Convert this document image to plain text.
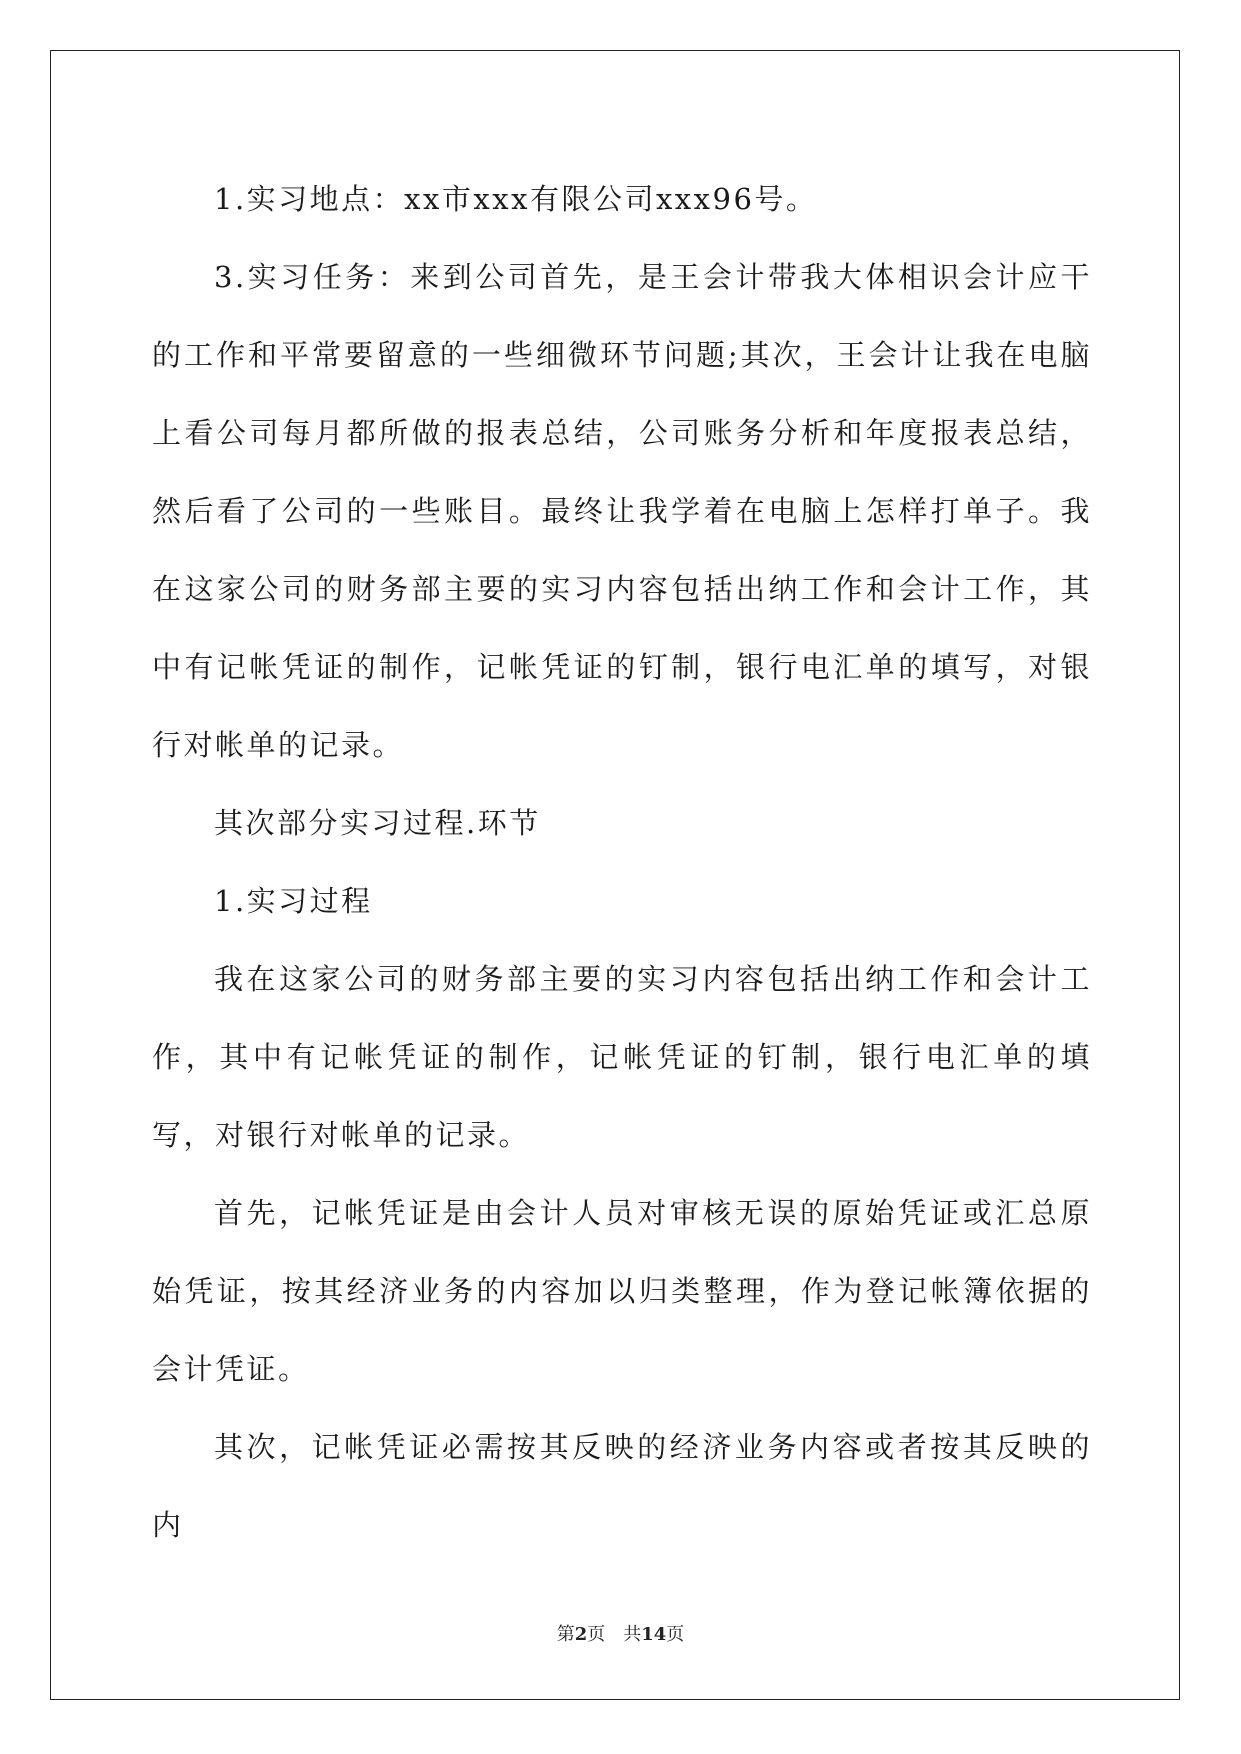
1.实习地点：xx市xxx有限公司xxx96号。

3.实习任务：来到公司首先，是王会计带我大体相识会计应干的工作和平常要留意的一些细微环节问题;其次，王会计让我在电脑上看公司每月都所做的报表总结，公司账务分析和年度报表总结，然后看了公司的一些账目。最终让我学着在电脑上怎样打单子。我在这家公司的财务部主要的实习内容包括出纳工作和会计工作，其中有记帐凭证的制作，记帐凭证的钉制，银行电汇单的填写，对银行对帐单的记录。

其次部分实习过程.环节

1.实习过程

我在这家公司的财务部主要的实习内容包括出纳工作和会计工作，其中有记帐凭证的制作，记帐凭证的钉制，银行电汇单的填写，对银行对帐单的记录。

首先，记帐凭证是由会计人员对审核无误的原始凭证或汇总原始凭证，按其经济业务的内容加以归类整理，作为登记帐簿依据的会计凭证。

其次，记帐凭证必需按其反映的经济业务内容或者按其反映的内

第2页　共14页
